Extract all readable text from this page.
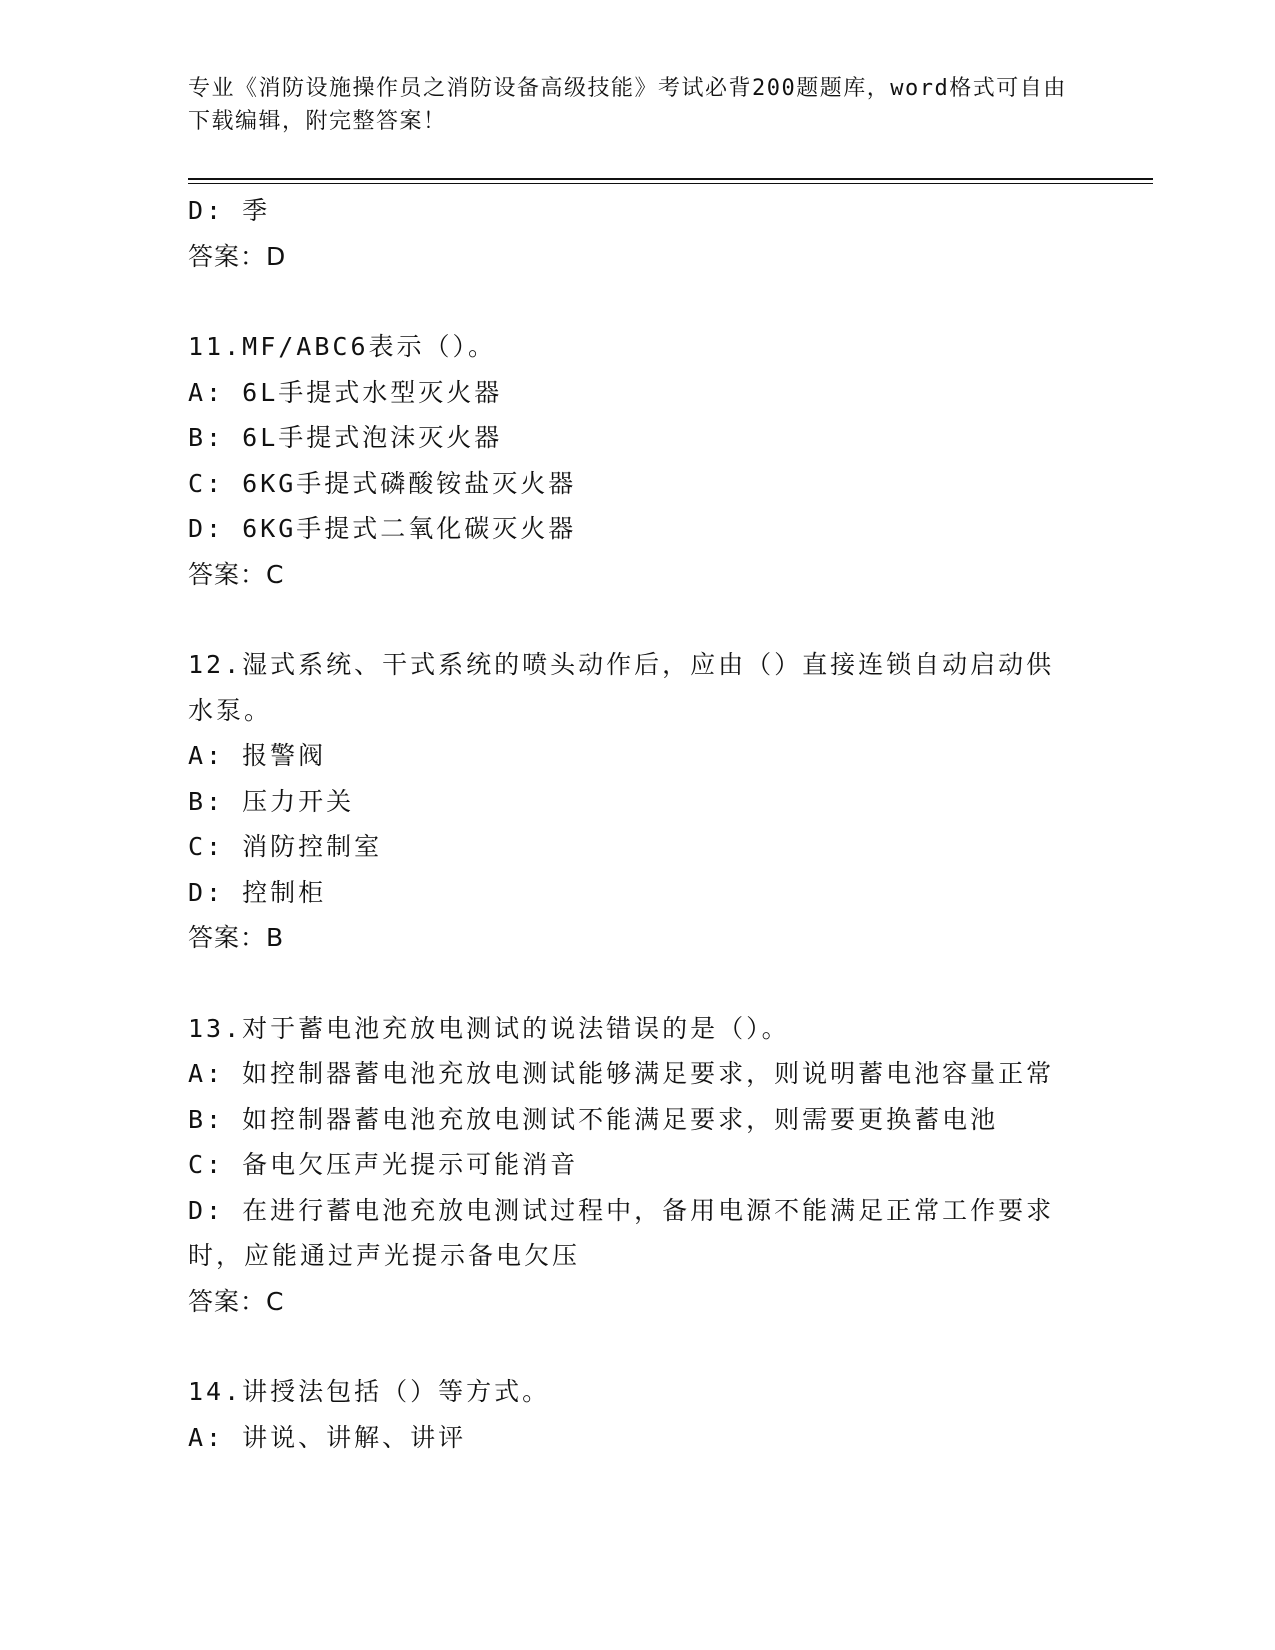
专业《消防设施操作员之消防设备高级技能》考试必背200题题库，word格式可自由下载编辑，附完整答案！
D: 季
答案：D
11.MF/ABC6表示（）。
A: 6L手提式水型灭火器
B: 6L手提式泡沫灭火器
C: 6KG手提式磷酸铵盐灭火器
D: 6KG手提式二氧化碳灭火器
答案：C
12.湿式系统、干式系统的喷头动作后，应由（）直接连锁自动启动供水泵。
A: 报警阀
B: 压力开关
C: 消防控制室
D: 控制柜
答案：B
13.对于蓄电池充放电测试的说法错误的是（）。
A: 如控制器蓄电池充放电测试能够满足要求，则说明蓄电池容量正常
B: 如控制器蓄电池充放电测试不能满足要求，则需要更换蓄电池
C: 备电欠压声光提示可能消音
D: 在进行蓄电池充放电测试过程中，备用电源不能满足正常工作要求时，应能通过声光提示备电欠压
答案：C
14.讲授法包括（）等方式。
A: 讲说、讲解、讲评
